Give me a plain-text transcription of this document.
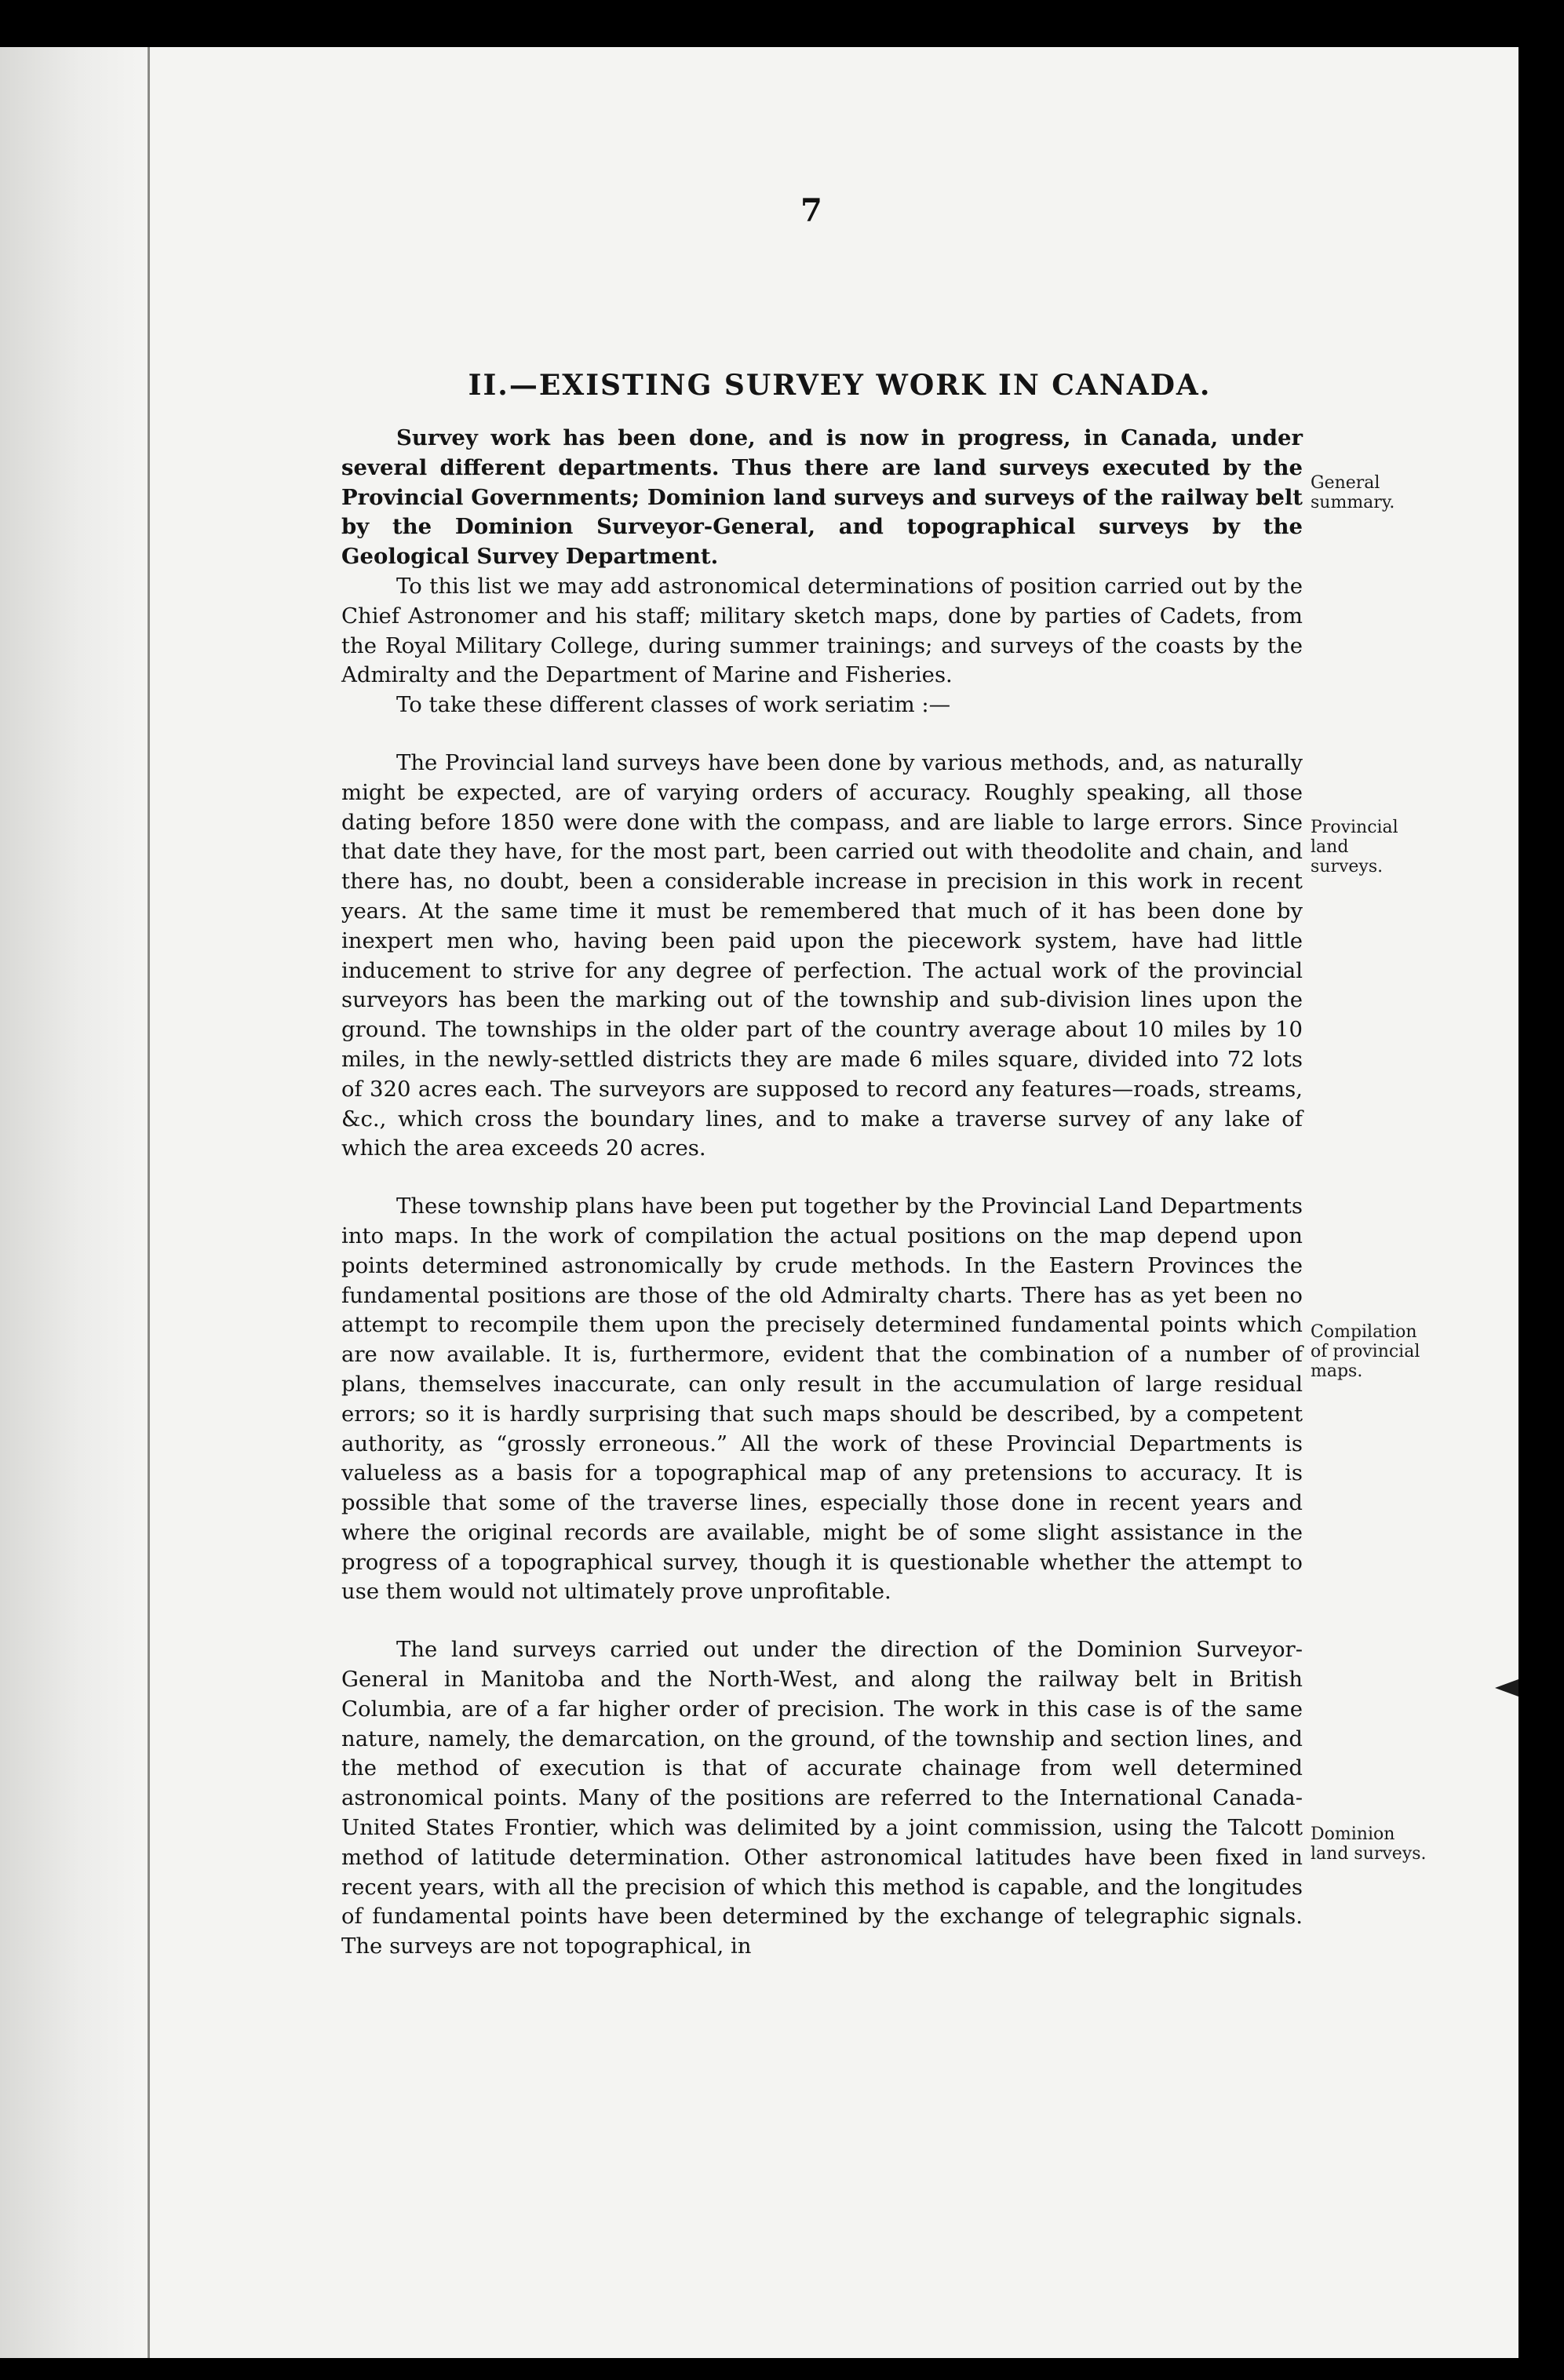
7
II.—EXISTING SURVEY WORK IN CANADA.
General summary.
Provincial land surveys.
Compilation of provincial maps.
Dominion land surveys.

Survey work has been done, and is now in progress, in Canada, under several different departments. Thus there are land surveys executed by the Provincial Governments; Dominion land surveys and surveys of the railway belt by the Dominion Surveyor-General, and topographical surveys by the Geological Survey Department.

To this list we may add astronomical determinations of position carried out by the Chief Astronomer and his staff; military sketch maps, done by parties of Cadets, from the Royal Military College, during summer trainings; and surveys of the coasts by the Admiralty and the Department of Marine and Fisheries.

To take these different classes of work seriatim :—

The Provincial land surveys have been done by various methods, and, as naturally might be expected, are of varying orders of accuracy. Roughly speaking, all those dating before 1850 were done with the compass, and are liable to large errors. Since that date they have, for the most part, been carried out with theodolite and chain, and there has, no doubt, been a considerable increase in precision in this work in recent years. At the same time it must be remembered that much of it has been done by inexpert men who, having been paid upon the piecework system, have had little inducement to strive for any degree of perfection. The actual work of the provincial surveyors has been the marking out of the township and sub-division lines upon the ground. The townships in the older part of the country average about 10 miles by 10 miles, in the newly-settled districts they are made 6 miles square, divided into 72 lots of 320 acres each. The surveyors are supposed to record any features—roads, streams, &c., which cross the boundary lines, and to make a traverse survey of any lake of which the area exceeds 20 acres.

These township plans have been put together by the Provincial Land Departments into maps. In the work of compilation the actual positions on the map depend upon points determined astronomically by crude methods. In the Eastern Provinces the fundamental positions are those of the old Admiralty charts. There has as yet been no attempt to recompile them upon the precisely determined fundamental points which are now available. It is, furthermore, evident that the combination of a number of plans, themselves inaccurate, can only result in the accumulation of large residual errors; so it is hardly surprising that such maps should be described, by a competent authority, as “grossly erroneous.” All the work of these Provincial Departments is valueless as a basis for a topographical map of any pretensions to accuracy. It is possible that some of the traverse lines, especially those done in recent years and where the original records are available, might be of some slight assistance in the progress of a topographical survey, though it is questionable whether the attempt to use them would not ultimately prove unprofitable.

The land surveys carried out under the direction of the Dominion Surveyor-General in Manitoba and the North-West, and along the railway belt in British Columbia, are of a far higher order of precision. The work in this case is of the same nature, namely, the demarcation, on the ground, of the township and section lines, and the method of execution is that of accurate chainage from well determined astronomical points. Many of the positions are referred to the International Canada-United States Frontier, which was delimited by a joint commission, using the Talcott method of latitude determination. Other astronomical latitudes have been fixed in recent years, with all the precision of which this method is capable, and the longitudes of fundamental points have been determined by the exchange of telegraphic signals. The surveys are not topographical, in
